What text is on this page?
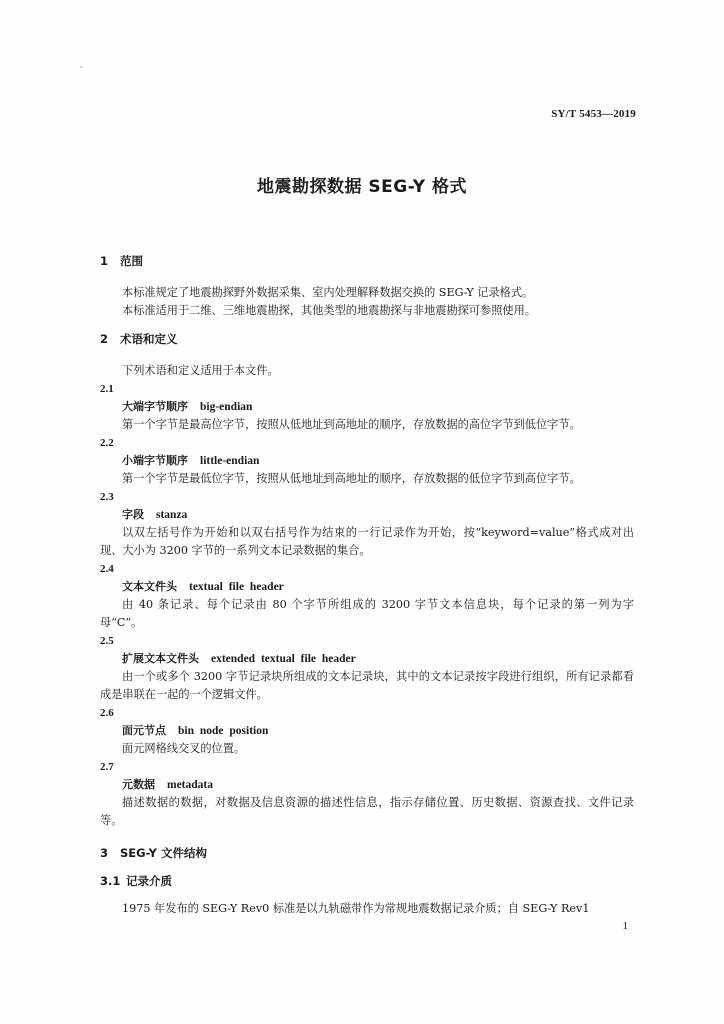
SY/T 5453—2019
地震勘探数据 SEG-Y 格式
1 范围

本标准规定了地震勘探野外数据采集、室内处理解释数据交换的 SEG-Y 记录格式。

本标准适用于二维、三维地震勘探，其他类型的地震勘探与非地震勘探可参照使用。

2 术语和定义

下列术语和定义适用于本文件。

2.1

大端字节顺序 big-endian

第一个字节是最高位字节，按照从低地址到高地址的顺序，存放数据的高位字节到低位字节。

2.2

小端字节顺序 little-endian

第一个字节是最低位字节，按照从低地址到高地址的顺序，存放数据的低位字节到高位字节。

2.3

字段 stanza

以双左括号作为开始和以双右括号作为结束的一行记录作为开始，按“keyword=value”格式成对出现、大小为 3200 字节的一系列文本记录数据的集合。

2.4

文本文件头 textual file header

由 40 条记录、每个记录由 80 个字节所组成的 3200 字节文本信息块，每个记录的第一列为字母“C”。

2.5

扩展文本文件头 extended textual file header

由一个或多个 3200 字节记录块所组成的文本记录块，其中的文本记录按字段进行组织，所有记录都看成是串联在一起的一个逻辑文件。

2.6

面元节点 bin node position

面元网格线交叉的位置。

2.7

元数据 metadata

描述数据的数据，对数据及信息资源的描述性信息，指示存储位置、历史数据、资源查找、文件记录等。

3 SEG-Y 文件结构
3.1 记录介质

1975 年发布的 SEG-Y Rev0 标准是以九轨磁带作为常规地震数据记录介质；自 SEG-Y Rev1

1
